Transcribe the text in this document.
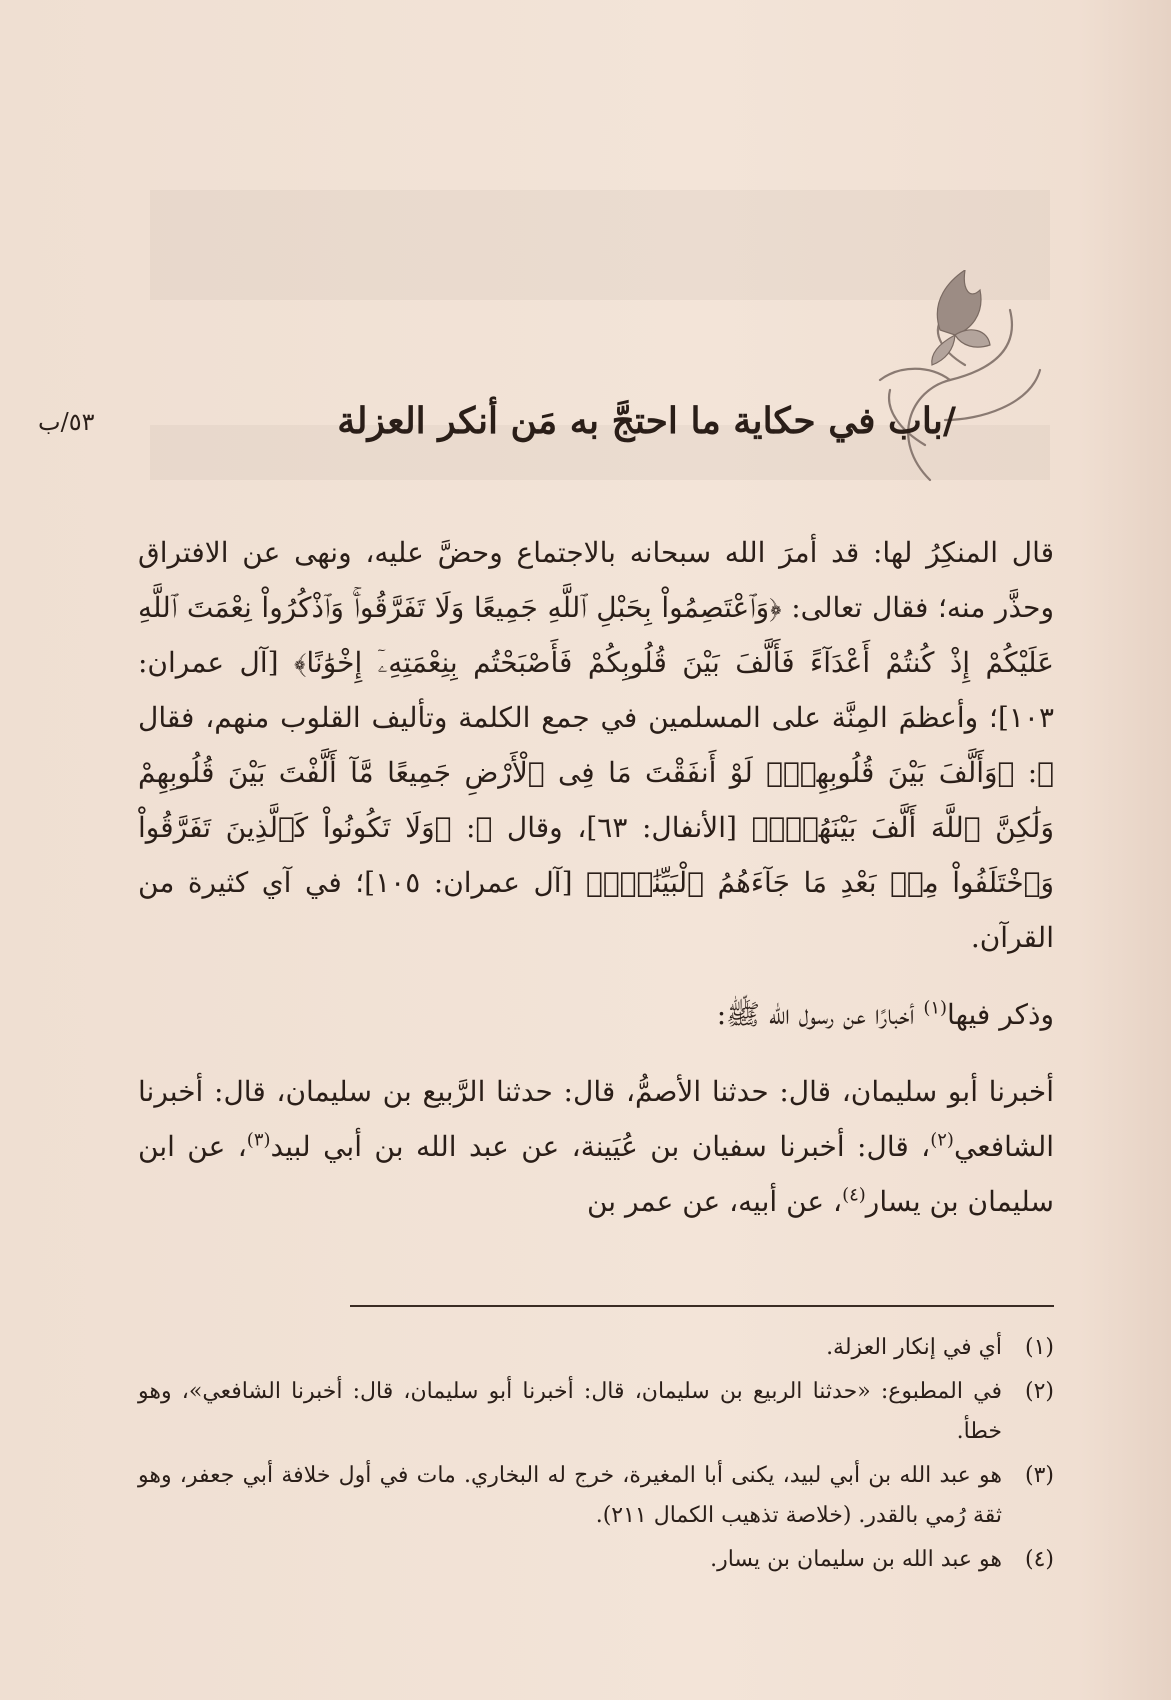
٥٣/ب	/باب في حكاية ما احتجَّ به مَن أنكر العزلة

قال المنكِرُ لها: قد أمرَ الله سبحانه بالاجتماع وحضَّ عليه، ونهى عن الافتراق وحذَّر منه؛ فقال تعالى: ﴿وَٱعْتَصِمُواْ بِحَبْلِ ٱللَّهِ جَمِيعًا وَلَا تَفَرَّقُواْۚ وَٱذْكُرُواْ نِعْمَتَ ٱللَّهِ عَلَيْكُمْ إِذْ كُنتُمْ أَعْدَآءً فَأَلَّفَ بَيْنَ قُلُوبِكُمْ فَأَصْبَحْتُم بِنِعْمَتِهِۦٓ إِخْوَٰنًا﴾ [آل عمران: ١٠٣]؛ وأعظمَ المِنَّة على المسلمين في جمع الكلمة وتأليف القلوب منهم، فقال ﷻ: ﴿وَأَلَّفَ بَيْنَ قُلُوبِهِمْۚ لَوْ أَنفَقْتَ مَا فِى ٱلْأَرْضِ جَمِيعًا مَّآ أَلَّفْتَ بَيْنَ قُلُوبِهِمْ وَلَٰكِنَّ ٱللَّهَ أَلَّفَ بَيْنَهُمْۚ﴾ [الأنفال: ٦٣]، وقال ﷻ: ﴿وَلَا تَكُونُواْ كَٱلَّذِينَ تَفَرَّقُواْ وَٱخْتَلَفُواْ مِنۢ بَعْدِ مَا جَآءَهُمُ ٱلْبَيِّنَٰتُۚ﴾ [آل عمران: ١٠٥]؛ في آي كثيرة من القرآن.

وذكر فيها$^{(١)}$ أخبارًا عن رسول الله ﷺ:

أخبرنا أبو سليمان، قال: حدثنا الأصمُّ، قال: حدثنا الرَّبيع بن سليمان، قال: أخبرنا الشافعي$^{(٢)}$، قال: أخبرنا سفيان بن عُيَينة، عن عبد الله بن أبي لبيد$^{(٣)}$، عن ابن سليمان بن يسار$^{(٤)}$، عن أبيه، عن عمر بن

(١)
أي في إنكار العزلة.
(٢)
في المطبوع: «حدثنا الربيع بن سليمان، قال: أخبرنا أبو سليمان، قال: أخبرنا الشافعي»، وهو خطأ.
(٣)
هو عبد الله بن أبي لبيد، يكنى أبا المغيرة، خرج له البخاري. مات في أول خلافة أبي جعفر، وهو ثقة رُمي بالقدر. (خلاصة تذهيب الكمال ٢١١).
(٤)
هو عبد الله بن سليمان بن يسار.
